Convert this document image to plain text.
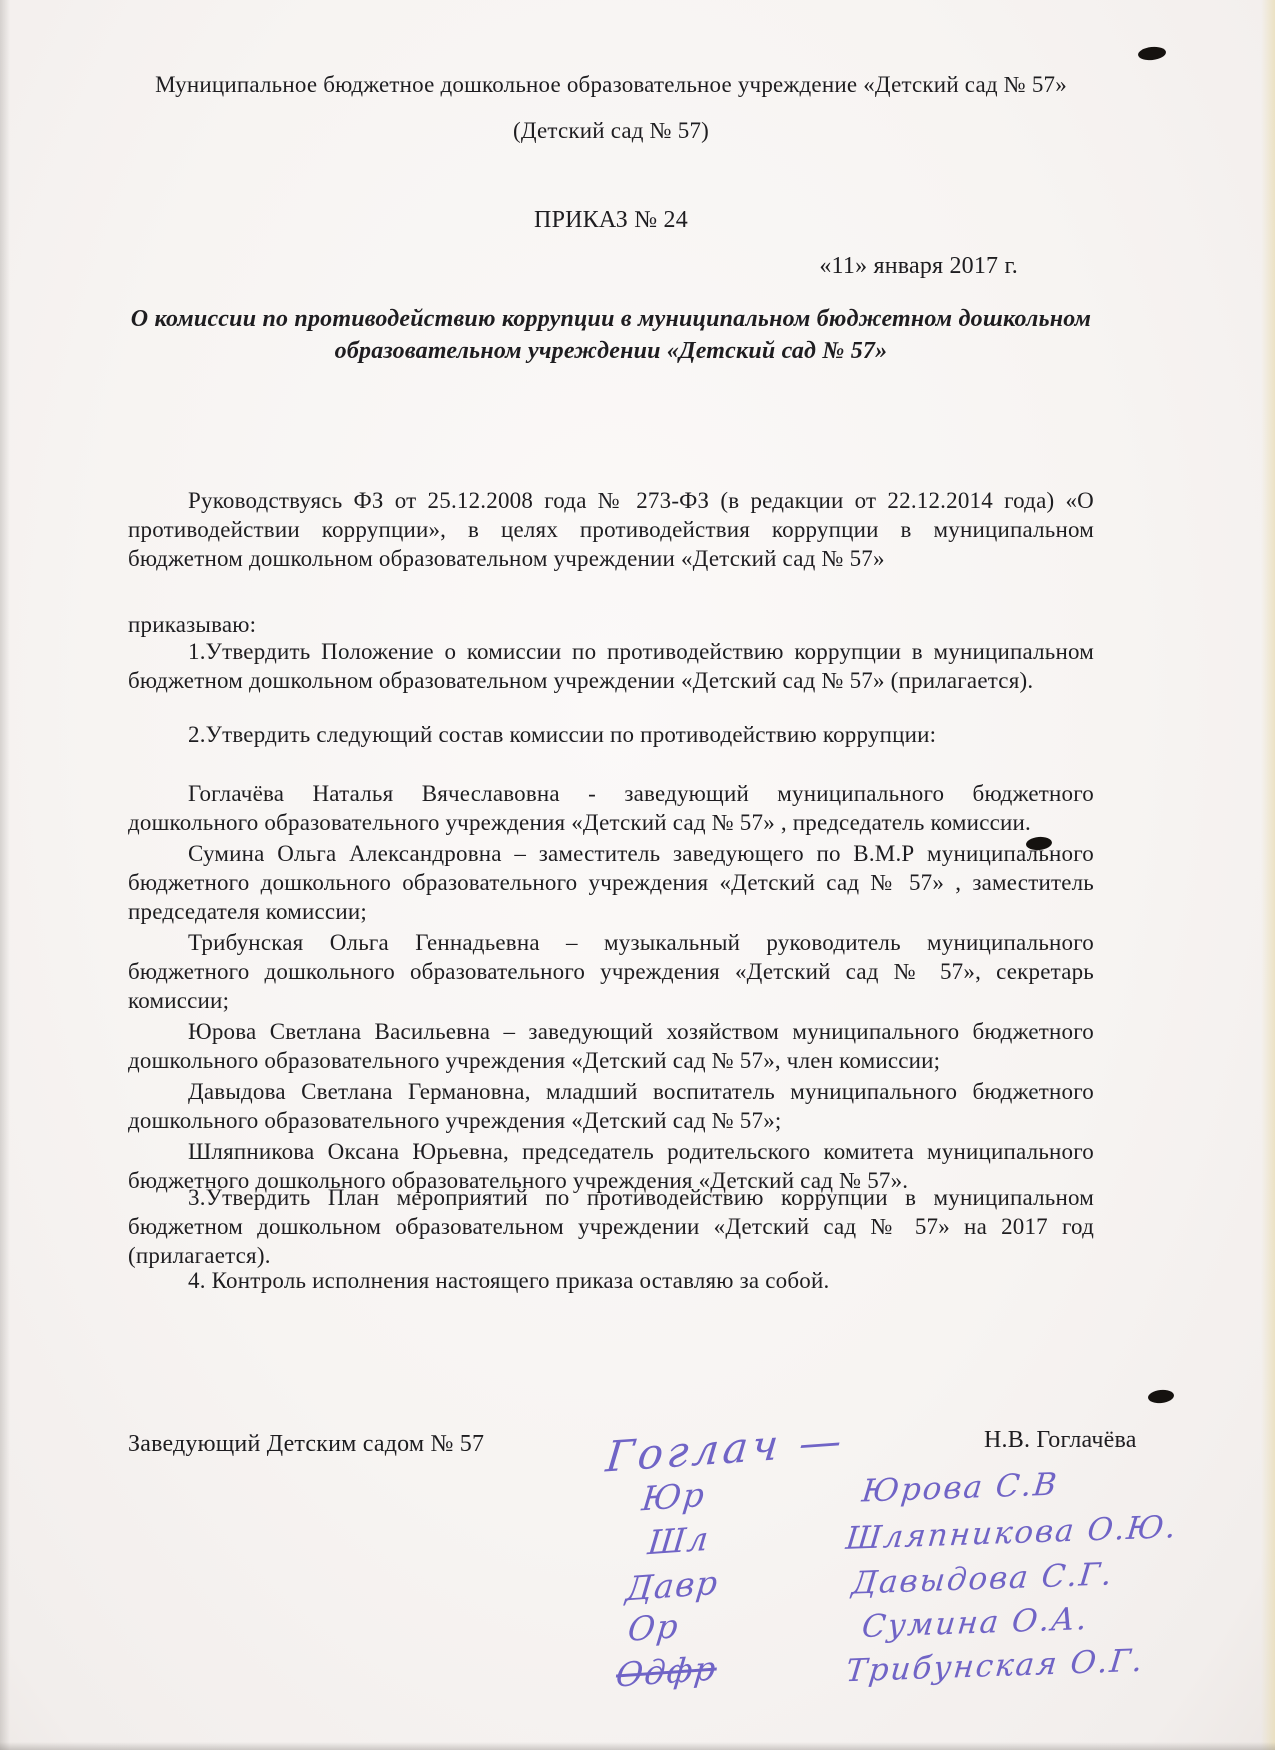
Муниципальное бюджетное дошкольное образовательное учреждение «Детский сад № 57»
(Детский сад № 57)
ПРИКАЗ № 24
«11» января 2017 г.
О комиссии по противодействию коррупции в муниципальном бюджетном дошкольном образовательном учреждении «Детский сад № 57»
Руководствуясь ФЗ от 25.12.2008 года № 273-ФЗ (в редакции от 22.12.2014 года) «О противодействии коррупции», в целях противодействия коррупции в муниципальном бюджетном дошкольном образовательном учреждении «Детский сад № 57»
приказываю:
1.Утвердить Положение о комиссии по противодействию коррупции в муниципальном бюджетном дошкольном образовательном учреждении «Детский сад № 57» (прилагается).
2.Утвердить следующий состав комиссии по противодействию коррупции:

Гоглачёва Наталья Вячеславовна - заведующий муниципального бюджетного дошкольного образовательного учреждения «Детский сад № 57» , председатель комиссии.

Сумина Ольга Александровна – заместитель заведующего по В.М.Р муниципального бюджетного дошкольного образовательного учреждения «Детский сад № 57» , заместитель председателя комиссии;

Трибунская Ольга Геннадьевна – музыкальный руководитель муниципального бюджетного дошкольного образовательного учреждения «Детский сад № 57», секретарь комиссии;

Юрова Светлана Васильевна – заведующий хозяйством муниципального бюджетного дошкольного образовательного учреждения «Детский сад № 57», член комиссии;

Давыдова Светлана Германовна, младший воспитатель муниципального бюджетного дошкольного образовательного учреждения «Детский сад № 57»;

Шляпникова Оксана Юрьевна, председатель родительского комитета муниципального бюджетного дошкольного образовательного учреждения «Детский сад № 57».

3.Утвердить План мероприятий по противодействию коррупции в муниципальном бюджетном дошкольном образовательном учреждении «Детский сад № 57» на 2017 год (прилагается).
4. Контроль исполнения настоящего приказа оставляю за собой.
Заведующий Детским садом № 57	Н.В. Гоглачёва
Гоглач —
Юр
Шл
Давр
Ор
Одфр
Юрова С.В
Шляпникова О.Ю.
Давыдова С.Г.
Сумина О.А.
Трибунская О.Г.
